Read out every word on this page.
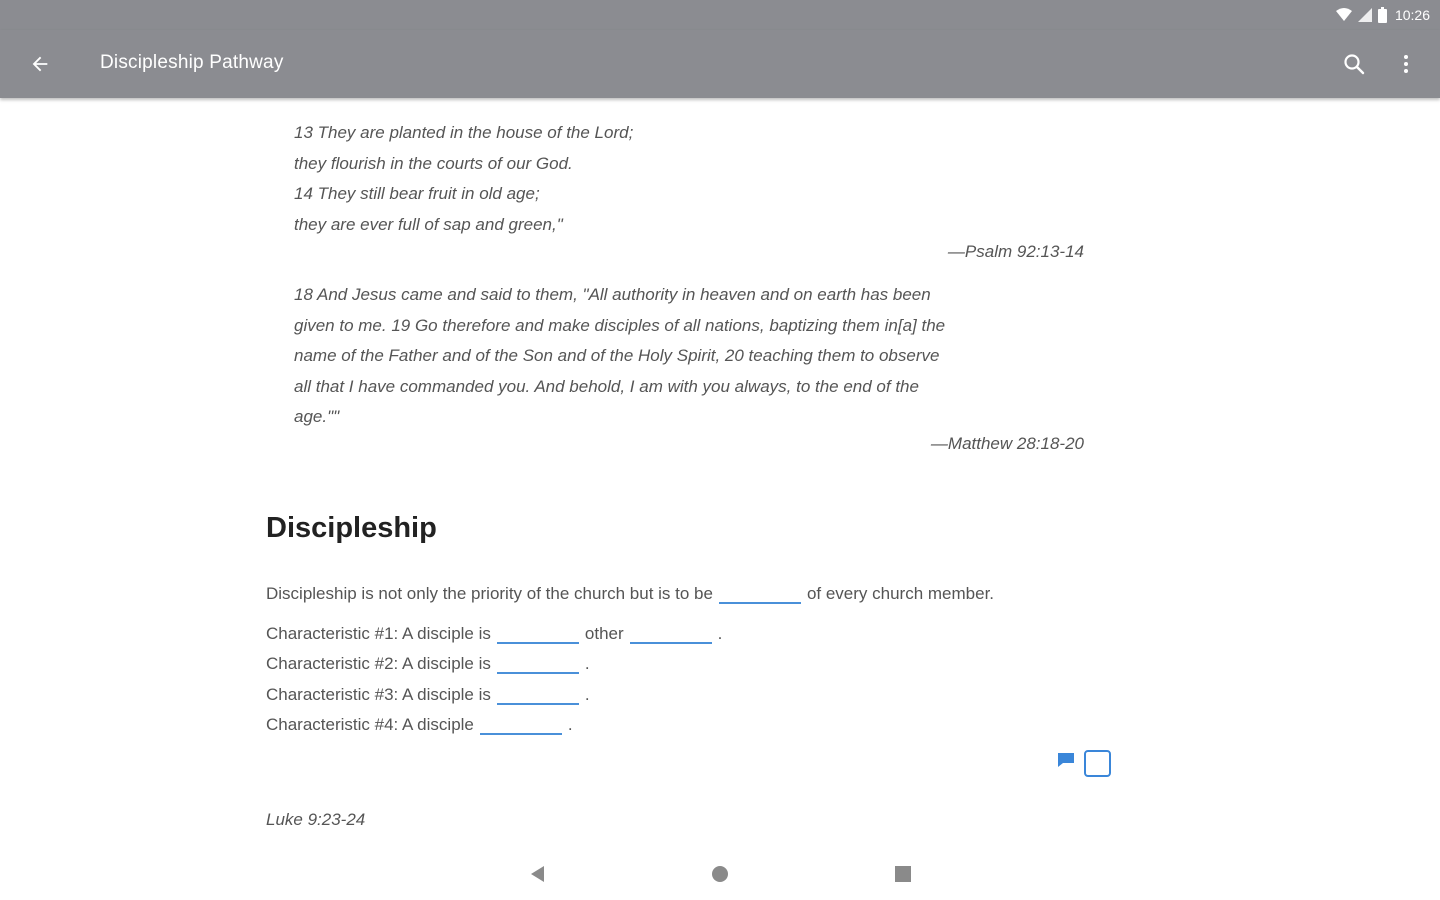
10:26
Discipleship Pathway
13 They are planted in the house of the Lord;
they flourish in the courts of our God.
14 They still bear fruit in old age;
they are ever full of sap and green,"
—Psalm 92:13-14
18 And Jesus came and said to them, "All authority in heaven and on earth has been
given to me. 19 Go therefore and make disciples of all nations, baptizing them in[a] the
name of the Father and of the Son and of the Holy Spirit, 20 teaching them to observe
all that I have commanded you. And behold, I am with you always, to the end of the
age.""
—Matthew 28:18-20
Discipleship
Discipleship is not only the priority of the church but is to be	of every church member.
Characteristic #1: A disciple is	other	.
Characteristic #2: A disciple is	.
Characteristic #3: A disciple is	.
Characteristic #4: A disciple	.
Luke 9:23-24
